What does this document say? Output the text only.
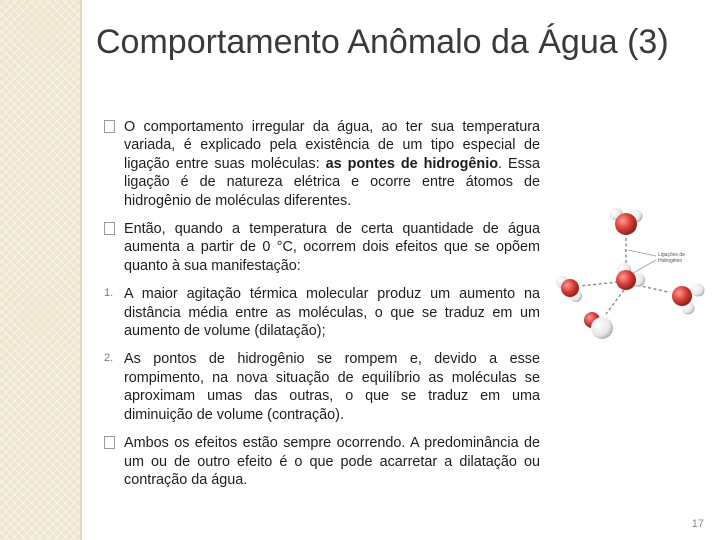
Comportamento Anômalo da Água (3)
O comportamento irregular da água, ao ter sua temperatura variada, é explicado pela existência de um tipo especial de ligação entre suas moléculas: as pontes de hidrogênio. Essa ligação é de natureza elétrica e ocorre entre átomos de hidrogênio de moléculas diferentes.
Então, quando a temperatura de certa quantidade de água aumenta a partir de 0 °C, ocorrem dois efeitos que se opõem quanto à sua manifestação:
1. A maior agitação térmica molecular produz um aumento na distância média entre as moléculas, o que se traduz em um aumento de volume (dilatação);
2. As pontos de hidrogênio se rompem e, devido a esse rompimento, na nova situação de equilíbrio as moléculas se aproximam umas das outras, o que se traduz em uma diminuição de volume (contração).
Ambos os efeitos estão sempre ocorrendo. A predominância de um ou de outro efeito é o que pode acarretar a dilatação ou contração da água.
Ligações de
Hidrogênio
17
